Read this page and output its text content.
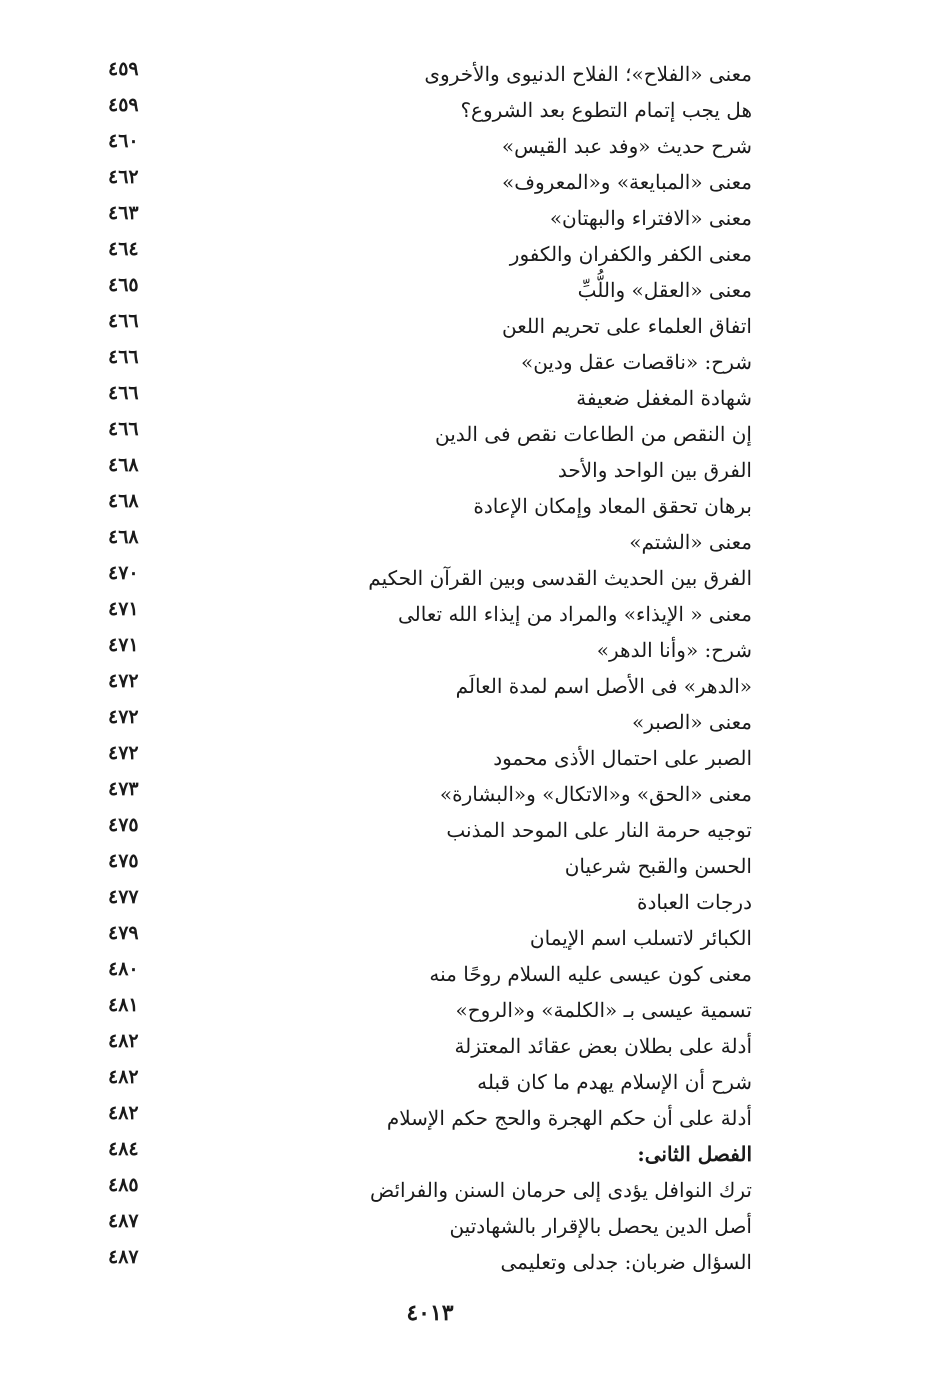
معنى «الفلاح»؛ الفلاح الدنيوى والأخروى
٤٥٩
هل يجب إتمام التطوع بعد الشروع؟
٤٥٩
شرح حديث «وفد عبد القيس»
٤٦٠
معنى «المبايعة» و«المعروف»
٤٦٢
معنى «الافتراء والبهتان»
٤٦٣
معنى الكفر والكفران والكفور
٤٦٤
معنى «العقل» واللُّبِّ
٤٦٥
اتفاق العلماء على تحريم اللعن
٤٦٦
شرح: «ناقصات عقل ودين»
٤٦٦
شهادة المغفل ضعيفة
٤٦٦
إن النقص من الطاعات نقص فى الدين
٤٦٦
الفرق بين الواحد والأحد
٤٦٨
برهان تحقق المعاد وإمكان الإعادة
٤٦٨
معنى «الشتم»
٤٦٨
الفرق بين الحديث القدسى وبين القرآن الحكيم
٤٧٠
معنى « الإيذاء» والمراد من إيذاء الله تعالى
٤٧١
شرح: «وأنا الدهر»
٤٧١
«الدهر» فى الأصل اسم لمدة العالَم
٤٧٢
معنى «الصبر»
٤٧٢
الصبر على احتمال الأذى محمود
٤٧٢
معنى «الحق» و«الاتكال» و«البشارة»
٤٧٣
توجيه حرمة النار على الموحد المذنب
٤٧٥
الحسن والقبح شرعيان
٤٧٥
درجات العبادة
٤٧٧
الكبائر لاتسلب اسم الإيمان
٤٧٩
معنى كون عيسى عليه السلام روحًا منه
٤٨٠
تسمية عيسى بـ «الكلمة» و«الروح»
٤٨١
أدلة على بطلان بعض عقائد المعتزلة
٤٨٢
شرح أن الإسلام يهدم ما كان قبله
٤٨٢
أدلة على أن حكم الهجرة والحج حكم الإسلام
٤٨٢
الفصل الثانى:
٤٨٤
ترك النوافل يؤدى إلى حرمان السنن والفرائض
٤٨٥
أصل الدين يحصل بالإقرار بالشهادتين
٤٨٧
السؤال ضربان: جدلى وتعليمى
٤٨٧
٤٠١٣
